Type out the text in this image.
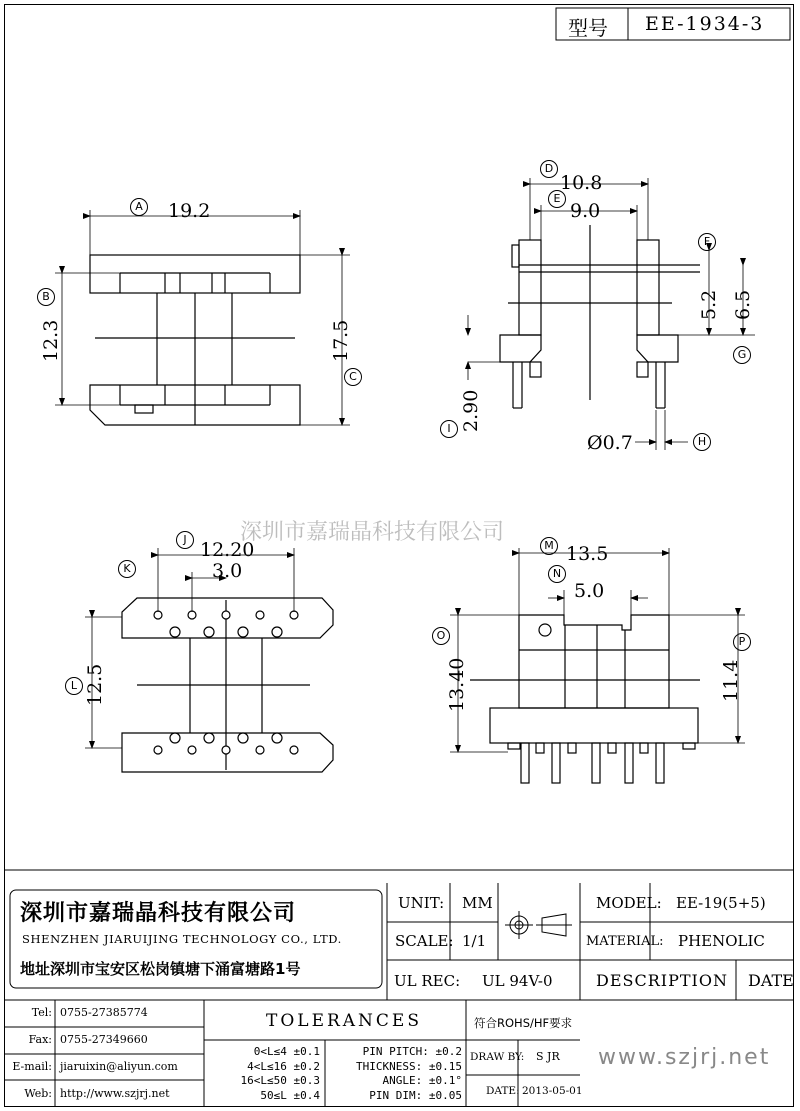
型号 EE-1934-3
深圳市嘉瑞晶科技有限公司
A 19.2
B
12.3
C
17.5
D
10.8
E
9.0
F
5.2
G
6.5
I 2.90
Ø0.7	H
J 12.20
K	3.0
L 12.5
M 13.5
N
5.0
O
13.40
P
11.4
深圳市嘉瑞晶科技有限公司
SHENZHEN JIARUIJING TECHNOLOGY CO., LTD.
地址深圳市宝安区松岗镇塘下涌富塘路1号
UNIT: MM
SCALE: 1/1
UL REC: UL 94V-0
MODEL: EE-19(5+5)
MATERIAL: PHENOLIC
DESCRIPTION DATE
Tel: 0755-27385774
Fax: 0755-27349660
E-mail: jiaruixin@aliyun.com
Web: http://www.szjrj.net
TOLERANCES
0<L≤4 ±0.1
4<L≤16 ±0.2
16<L≤50 ±0.3
50≤L ±0.4
PIN PITCH: ±0.2
THICKNESS: ±0.15
ANGLE: ±0.1°
PIN DIM: ±0.05
符合ROHS/HF要求
DRAW BY: S JR
DATE: 2013-05-01
www.szjrj.net
